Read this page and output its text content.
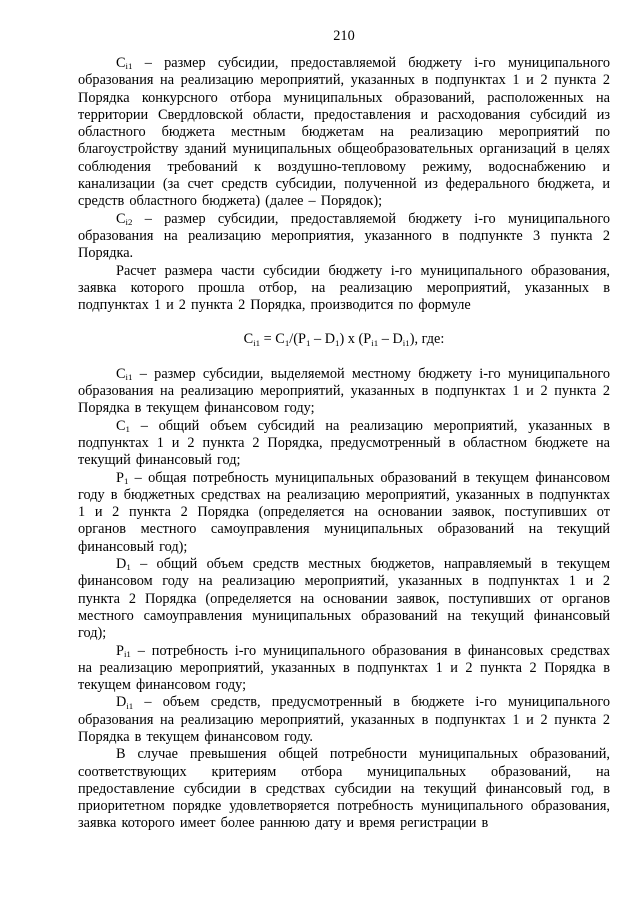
210

$С_{i1}$ – размер субсидии, предоставляемой бюджету i-го муниципального образования на реализацию мероприятий, указанных в подпунктах 1 и 2 пункта 2 Порядка конкурсного отбора муниципальных образований, расположенных на территории Свердловской области, предоставления и расходования субсидий из областного бюджета местным бюджетам на реализацию мероприятий по благоустройству зданий муниципальных общеобразовательных организаций в целях соблюдения требований к воздушно-тепловому режиму, водоснабжению и канализации (за счет средств субсидии, полученной из федерального бюджета, и средств областного бюджета) (далее – Порядок);

$С_{i2}$ – размер субсидии, предоставляемой бюджету i-го муниципального образования на реализацию мероприятия, указанного в подпункте 3 пункта 2 Порядка.

Расчет размера части субсидии бюджету i-го муниципального образования, заявка которого прошла отбор, на реализацию мероприятий, указанных в подпунктах 1 и 2 пункта 2 Порядка, производится по формуле

$С_{i1} = С_1/(Р_1 - D_1)$ х $(Р_{i1} - D_{i1})$, где:

$С_{i1}$ – размер субсидии, выделяемой местному бюджету i-го муниципального образования на реализацию мероприятий, указанных в подпунктах 1 и 2 пункта 2 Порядка в текущем финансовом году;

$С_1$ – общий объем субсидий на реализацию мероприятий, указанных в подпунктах 1 и 2 пункта 2 Порядка, предусмотренный в областном бюджете на текущий финансовый год;

$Р_1$ – общая потребность муниципальных образований в текущем финансовом году в бюджетных средствах на реализацию мероприятий, указанных в подпунктах 1 и 2 пункта 2 Порядка (определяется на основании заявок, поступивших от органов местного самоуправления муниципальных образований на текущий финансовый год);

$D_1$ – общий объем средств местных бюджетов, направляемый в текущем финансовом году на реализацию мероприятий, указанных в подпунктах 1 и 2 пункта 2 Порядка (определяется на основании заявок, поступивших от органов местного самоуправления муниципальных образований на текущий финансовый год);

$Р_{i1}$ – потребность i-го муниципального образования в финансовых средствах на реализацию мероприятий, указанных в подпунктах 1 и 2 пункта 2 Порядка в текущем финансовом году;

$D_{i1}$ – объем средств, предусмотренный в бюджете i-го муниципального образования на реализацию мероприятий, указанных в подпунктах 1 и 2 пункта 2 Порядка в текущем финансовом году.

В случае превышения общей потребности муниципальных образований, соответствующих критериям отбора муниципальных образований, на предоставление субсидии в средствах субсидии на текущий финансовый год, в приоритетном порядке удовлетворяется потребность муниципального образования, заявка которого имеет более раннюю дату и время регистрации в
